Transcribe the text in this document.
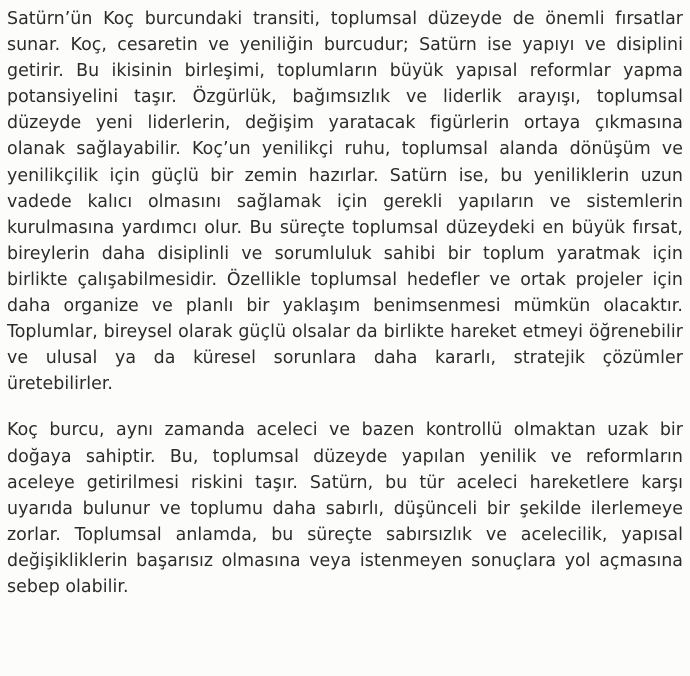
Satürn’ün Koç burcundaki transiti, toplumsal düzeyde de önemli fırsatlar sunar. Koç, cesaretin ve yeniliğin burcudur; Satürn ise yapıyı ve disiplini getirir. Bu ikisinin birleşimi, toplumların büyük yapısal reformlar yapma potansiyelini taşır. Özgürlük, bağımsızlık ve liderlik arayışı, toplumsal düzeyde yeni liderlerin, değişim yaratacak figürlerin ortaya çıkmasına olanak sağlayabilir. Koç’un yenilikçi ruhu, toplumsal alanda dönüşüm ve yenilikçilik için güçlü bir zemin hazırlar. Satürn ise, bu yeniliklerin uzun vadede kalıcı olmasını sağlamak için gerekli yapıların ve sistemlerin kurulmasına yardımcı olur. Bu süreçte toplumsal düzeydeki en büyük fırsat, bireylerin daha disiplinli ve sorumluluk sahibi bir toplum yaratmak için birlikte çalışabilmesidir. Özellikle toplumsal hedefler ve ortak projeler için daha organize ve planlı bir yaklaşım benimsenmesi mümkün olacaktır. Toplumlar, bireysel olarak güçlü olsalar da birlikte hareket etmeyi öğrenebilir ve ulusal ya da küresel sorunlara daha kararlı, stratejik çözümler üretebilirler.

Koç burcu, aynı zamanda aceleci ve bazen kontrollü olmaktan uzak bir doğaya sahiptir. Bu, toplumsal düzeyde yapılan yenilik ve reformların aceleye getirilmesi riskini taşır. Satürn, bu tür aceleci hareketlere karşı uyarıda bulunur ve toplumu daha sabırlı, düşünceli bir şekilde ilerlemeye zorlar. Toplumsal anlamda, bu süreçte sabırsızlık ve acelecilik, yapısal değişikliklerin başarısız olmasına veya istenmeyen sonuçlara yol açmasına sebep olabilir.
